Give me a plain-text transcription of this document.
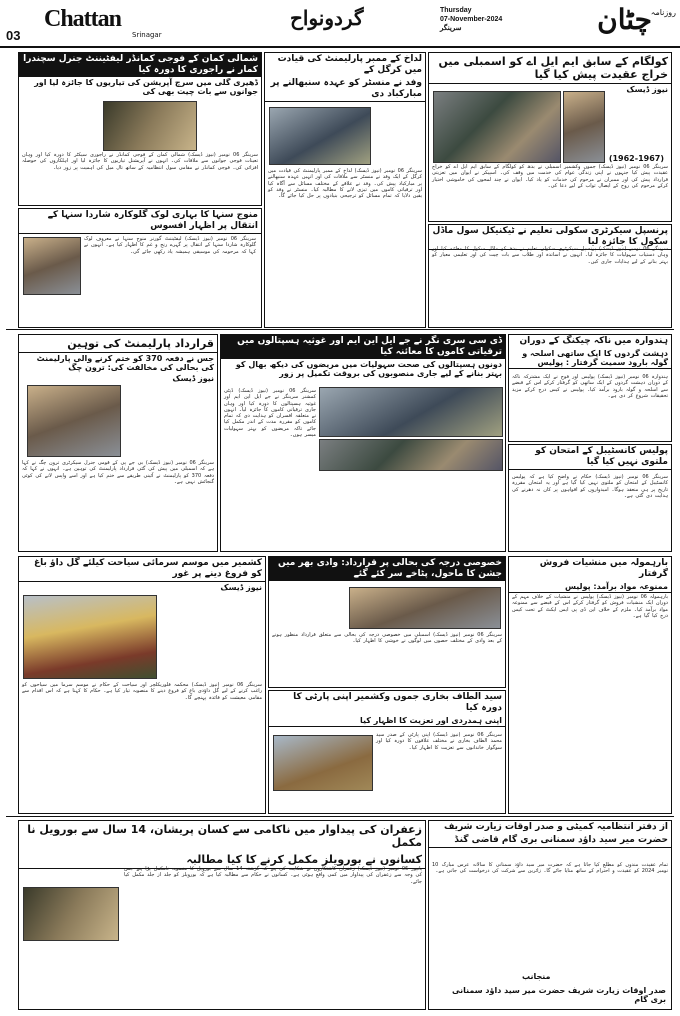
03
Chattan
Srinagar
گردونواح	Thursday
07-November-2024
سرینگر	چٹان
روزنامہ
کولگام کے سابق ایم ایل اے کو اسمبلی میں خراج عقیدت پیش کیا گیا
نیوز ڈیسک
سرینگر 06 نومبر (نیوز ڈیسک) جموں وکشمیر اسمبلی نے بدھ کو کولگام کے سابق ایم ایل اے کو خراج عقیدت پیش کیا جنہوں نے اپنی زندگی عوام کی خدمت میں وقف کی۔ اسپیکر نے ایوان میں تعزیتی قرارداد پیش کی اور ممبران نے مرحوم کی خدمات کو یاد کیا۔ ایوان نے چند لمحوں کی خاموشی اختیار کرکے مرحوم کی روح کے ایصال ثواب کے لیے دعا کی۔
(1962-1967)
لداخ کے ممبر پارلیمنٹ کی قیادت میں کرگل کے
وفد نے منسٹر کو عہدہ سنبھالنے پر مبارکباد دی
سرینگر 06 نومبر (نیوز ڈیسک) لداخ کے ممبر پارلیمنٹ کی قیادت میں کرگل کے ایک وفد نے منسٹر سے ملاقات کی اور انہیں عہدہ سنبھالنے پر مبارکباد پیش کی۔ وفد نے علاقے کے مختلف مسائل سے آگاہ کیا اور ترقیاتی کاموں میں تیزی لانے کا مطالبہ کیا۔ منسٹر نے وفد کو یقین دلایا کہ تمام مسائل کو ترجیحی بنیادوں پر حل کیا جائے گا۔
شمالی کمان کے فوجی کمانڈر لیفٹیننٹ جنرل سچندرا کمار نے راجوری کا دورہ کیا
ڈھیری گلی میں سرچ آپریشن کی تیاریوں کا جائزہ لیا اور جوانوں سے بات چیت بھی کی
سرینگر 06 نومبر (نیوز ڈیسک) شمالی کمان کے فوجی کمانڈر نے راجوری سیکٹر کا دورہ کیا اور وہاں تعینات فوجی جوانوں سے ملاقات کی۔ انہوں نے آپریشنل تیاریوں کا جائزہ لیا اور اہلکاروں کی حوصلہ افزائی کی۔ فوجی کمانڈر نے مقامی سول انتظامیہ کے ساتھ تال میل کی اہمیت پر زور دیا۔
پرنسپل سیکرٹری سکولی تعلیم نے ٹیکنیکل سول ماڈل سکول کا جائزہ لیا
سرینگر 06 نومبر (نیوز ڈیسک) پرنسپل سیکرٹری سکولی تعلیم نے بدھ کو ماڈل سکول کا معائنہ کیا اور وہاں دستیاب سہولیات کا جائزہ لیا۔ انہوں نے اساتذہ اور طلاب سے بات چیت کی اور تعلیمی معیار کو بہتر بنانے کے لیے ہدایات جاری کیں۔
منوج سنہا کا بہاری لوک گلوکارہ شاردا سنہا کے انتقال پر اظہار افسوس
سرینگر 06 نومبر (نیوز ڈیسک) لیفٹیننٹ گورنر منوج سنہا نے معروف لوک گلوکارہ شاردا سنہا کے انتقال پر گہرے رنج و غم کا اظہار کیا ہے۔ انہوں نے کہا کہ مرحومہ کی موسیقی ہمیشہ یاد رکھی جائے گی۔
قرارداد پارلیمنٹ کی توہین
جس نے دفعہ 370 کو ختم کرنے والی پارلیمنٹ کی بحالی کی مخالفت کی: ترون چگ
نیوز ڈیسک
سرینگر 06 نومبر (نیوز ڈیسک) بی جے پی کے قومی جنرل سیکرٹری ترون چگ نے کہا ہے کہ اسمبلی میں پیش کی گئی قرارداد پارلیمنٹ کی توہین ہے۔ انہوں نے کہا کہ دفعہ 370 کو پارلیمنٹ نے آئینی طریقے سے ختم کیا ہے اور اسے واپس لانے کی کوئی گنجائش نہیں ہے۔
ڈی سی سری نگر نے جے ایل این ایم اور غوثیہ ہسپتالوں میں ترقیاتی کاموں کا معائنہ کیا
دونوں ہسپتالوں کی صحت سہولیات میں مریضوں کی دیکھ بھال کو بہتر بنانے کے لیے جاری منصوبوں کی بروقت تکمیل پر زور
سرینگر 06 نومبر (نیوز ڈیسک) ڈپٹی کمشنر سرینگر نے جے ایل این ایم اور غوثیہ ہسپتالوں کا دورہ کیا اور وہاں جاری ترقیاتی کاموں کا جائزہ لیا۔ انہوں نے متعلقہ افسران کو ہدایت دی کہ تمام کاموں کو مقررہ مدت کے اندر مکمل کیا جائے تاکہ مریضوں کو بہتر سہولیات میسر ہوں۔
ہندوارہ میں ناکہ چیکنگ کے دوران
دہشت گردوں کا ایک ساتھی اسلحہ و گولہ بارود سمیت گرفتار : پولیس
ہندوارہ 06 نومبر (نیوز ڈیسک) پولیس اور فوج نے ایک مشترکہ ناکہ کے دوران دہشت گردوں کے ایک ساتھی کو گرفتار کرکے اس کے قبضے سے اسلحہ و گولہ بارود برآمد کیا۔ پولیس نے کیس درج کرکے مزید تحقیقات شروع کر دی ہے۔
پولیس کانسٹیبل کے امتحان کو ملتوی نہیں کیا گیا
سرینگر 06 نومبر (نیوز ڈیسک) حکام نے واضح کیا ہے کہ پولیس کانسٹیبل کے امتحان کو ملتوی نہیں کیا گیا ہے اور یہ امتحان مقررہ تاریخ پر ہی منعقد ہوگا۔ امیدواروں کو افواہوں پر کان نہ دھرنے کی ہدایت دی گئی ہے۔
بارہمولہ میں منشیات فروش گرفتار
ممنوعہ مواد برآمد: پولیس
بارہمولہ 06 نومبر (نیوز ڈیسک) پولیس نے منشیات کے خلاف مہم کے دوران ایک منشیات فروش کو گرفتار کرکے اس کے قبضے سے ممنوعہ مواد برآمد کیا۔ ملزم کے خلاف این ڈی پی ایس ایکٹ کے تحت کیس درج کیا گیا ہے۔
کشمیر میں موسم سرمائی سیاحت کیلئے گل داؤ باغ کو فروغ دینے پر غور
نیوز ڈیسک
سرینگر 06 نومبر (نیوز ڈیسک) محکمہ فلوریکلچر اور سیاحت کے حکام نے موسم سرما میں سیاحوں کو راغب کرنے کے لیے گل داؤدی باغ کو فروغ دینے کا منصوبہ تیار کیا ہے۔ حکام کا کہنا ہے کہ اس اقدام سے مقامی معیشت کو فائدہ پہنچے گا۔
خصوصی درجہ کی بحالی پر قرارداد: وادی بھر میں جشن کا ماحول، پٹاخے سر کئے گئے
سرینگر 06 نومبر (نیوز ڈیسک) اسمبلی میں خصوصی درجہ کی بحالی سے متعلق قرارداد منظور ہونے کے بعد وادی کے مختلف حصوں میں لوگوں نے خوشی کا اظہار کیا۔
سید الطاف بخاری جموں وکشمیر اپنی پارٹی کا دورہ کیا
اپنی ہمدردی اور تعزیت کا اظہار کیا
سرینگر 06 نومبر (نیوز ڈیسک) اپنی پارٹی کے صدر سید محمد الطاف بخاری نے مختلف علاقوں کا دورہ کیا اور سوگوار خاندانوں سے تعزیت کا اظہار کیا۔
زعفران کی پیداوار میں ناکامی سے کسان پریشان، 14 سال سے بورویل نا مکمل
کسانوں نے بورویلز مکمل کرنے کا کیا مطالبہ
پانپور 06 نومبر (نیوز ڈیسک) زعفران کاشتکاروں نے شکایت کی ہے کہ گزشتہ 14 سال سے بورویل کا منصوبہ نامکمل پڑا ہے جس کی وجہ سے زعفران کی پیداوار میں کمی واقع ہوئی ہے۔ کسانوں نے حکام سے مطالبہ کیا ہے کہ بورویلز کو جلد از جلد مکمل کیا جائے۔
از دفتر انتظامیہ کمیٹی و صدر اوقات زیارت شریف
حضرت میر سید داؤد سمنانی بری گام قاضی گنڈ
تمام عقیدت مندوں کو مطلع کیا جاتا ہے کہ حضرت میر سید داؤد سمنانی کا سالانہ عرس مبارک 10 نومبر 2024 کو عقیدت و احترام کے ساتھ منایا جائے گا۔ زائرین سے شرکت کی درخواست کی جاتی ہے۔
منجانب
صدر اوقات زیارت شریف حضرت میر سید داؤد سمنانی بری گام
